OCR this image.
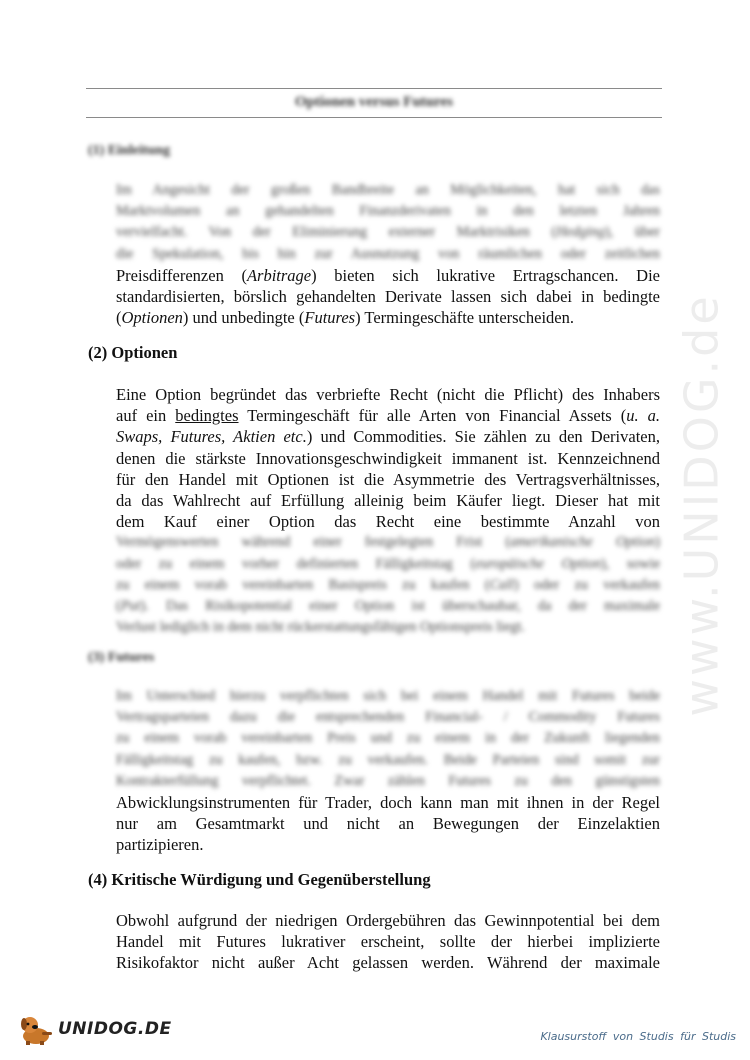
www.UNIDOG.de
Optionen versus Futures
(1) Einleitung
Im Angesicht der großen Bandbreite an Möglichkeiten, hat sich das
Marktvolumen an gehandelten Finanzderivaten in den letzten Jahren
vervielfacht. Von der Eliminierung externer Marktrisiken (Hedging), über
die Spekulation, bis hin zur Ausnutzung von räumlichen oder zeitlichen
Preisdifferenzen (Arbitrage) bieten sich lukrative Ertragschancen. Die
standardisierten, börslich gehandelten Derivate lassen sich dabei in bedingte
(Optionen) und unbedingte (Futures) Termingeschäfte unterscheiden.
(2) Optionen
Eine Option begründet das verbriefte Recht (nicht die Pflicht) des Inhabers
auf ein bedingtes Termingeschäft für alle Arten von Financial Assets (u. a.
Swaps, Futures, Aktien etc.) und Commodities. Sie zählen zu den Derivaten,
denen die stärkste Innovationsgeschwindigkeit immanent ist. Kennzeichnend
für den Handel mit Optionen ist die Asymmetrie des Vertragsverhältnisses,
da das Wahlrecht auf Erfüllung alleinig beim Käufer liegt. Dieser hat mit
dem Kauf einer Option das Recht eine bestimmte Anzahl von
Vermögenswerten während einer festgelegten Frist (amerikanische Option)
oder zu einem vorher definierten Fälligkeitstag (europäische Option), sowie
zu einem vorab vereinbarten Basispreis zu kaufen (Call) oder zu verkaufen
(Put). Das Risikopotential einer Option ist überschaubar, da der maximale
Verlust lediglich in dem nicht rückerstattungsfähigen Optionspreis liegt.
(3) Futures
Im Unterschied hierzu verpflichten sich bei einem Handel mit Futures beide
Vertragsparteien dazu die entsprechenden Financial- / Commodity Futures
zu einem vorab vereinbarten Preis und zu einem in der Zukunft liegenden
Fälligkeitstag zu kaufen, bzw. zu verkaufen. Beide Parteien sind somit zur
Kontrakterfüllung verpflichtet. Zwar zählen Futures zu den günstigsten
Abwicklungsinstrumenten für Trader, doch kann man mit ihnen in der Regel
nur am Gesamtmarkt und nicht an Bewegungen der Einzelaktien
partizipieren.
(4) Kritische Würdigung und Gegenüberstellung
Obwohl aufgrund der niedrigen Ordergebühren das Gewinnpotential bei dem
Handel mit Futures lukrativer erscheint, sollte der hierbei implizierte
Risikofaktor nicht außer Acht gelassen werden. Während der maximale
UNIDOG.DE	Klausurstoff von Studis für Studis
